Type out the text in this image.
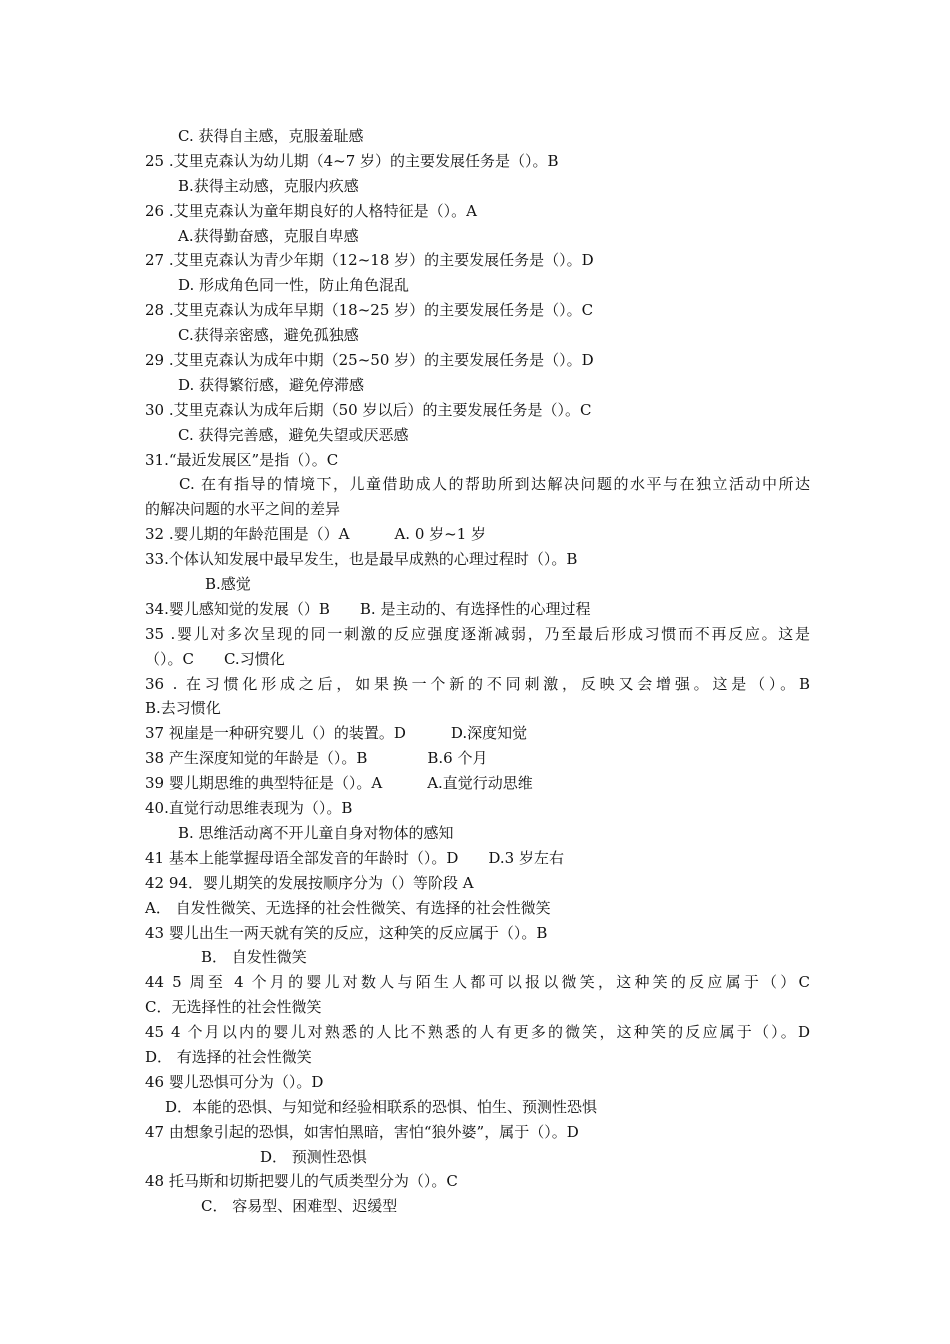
C. 获得自主感，克服羞耻感
25 .艾里克森认为幼儿期（4~7 岁）的主要发展任务是（）。B
B.获得主动感，克服内疚感
26 .艾里克森认为童年期良好的人格特征是（）。A
A.获得勤奋感，克服自卑感
27 .艾里克森认为青少年期（12~18 岁）的主要发展任务是（）。D
D. 形成角色同一性，防止角色混乱
28 .艾里克森认为成年早期（18~25 岁）的主要发展任务是（）。C
C.获得亲密感，避免孤独感
29 .艾里克森认为成年中期（25~50 岁）的主要发展任务是（）。D
D. 获得繁衍感，避免停滞感
30 .艾里克森认为成年后期（50 岁以后）的主要发展任务是（）。C
C. 获得完善感，避免失望或厌恶感
31.“最近发展区”是指（）。C
C. 在有指导的情境下，儿童借助成人的帮助所到达解决问题的水平与在独立活动中所达
的解决问题的水平之间的差异
32 .婴儿期的年龄范围是（）A　　　A. 0 岁~1 岁
33.个体认知发展中最早发生，也是最早成熟的心理过程时（）。B
B.感觉
34.婴儿感知觉的发展（）B　　B. 是主动的、有选择性的心理过程
35 .婴儿对多次呈现的同一刺激的反应强度逐渐减弱，乃至最后形成习惯而不再反应。这是
（）。C　　C.习惯化
36 . 在习惯化形成之后，如果换一个新的不同刺激，反映又会增强。这是（）。B
B.去习惯化
37 视崖是一种研究婴儿（）的装置。D　　　D.深度知觉
38 产生深度知觉的年龄是（）。B　　　　B.6 个月
39 婴儿期思维的典型特征是（）。A　　　A.直觉行动思维
40.直觉行动思维表现为（）。B
B. 思维活动离不开儿童自身对物体的感知
41 基本上能掌握母语全部发音的年龄时（）。D　　D.3 岁左右
42 94．婴儿期笑的发展按顺序分为（）等阶段 A
A． 自发性微笑、无选择的社会性微笑、有选择的社会性微笑
43 婴儿出生一两天就有笑的反应，这种笑的反应属于（）。B
B． 自发性微笑
44 5 周至 4 个月的婴儿对数人与陌生人都可以报以微笑，这种笑的反应属于（）C
C．无选择性的社会性微笑
45 4 个月以内的婴儿对熟悉的人比不熟悉的人有更多的微笑，这种笑的反应属于（）。D
D． 有选择的社会性微笑
46 婴儿恐惧可分为（）。D
D．本能的恐惧、与知觉和经验相联系的恐惧、怕生、预测性恐惧
47 由想象引起的恐惧，如害怕黑暗，害怕“狼外婆”，属于（）。D
D． 预测性恐惧
48 托马斯和切斯把婴儿的气质类型分为（）。C
C． 容易型、困难型、迟缓型
